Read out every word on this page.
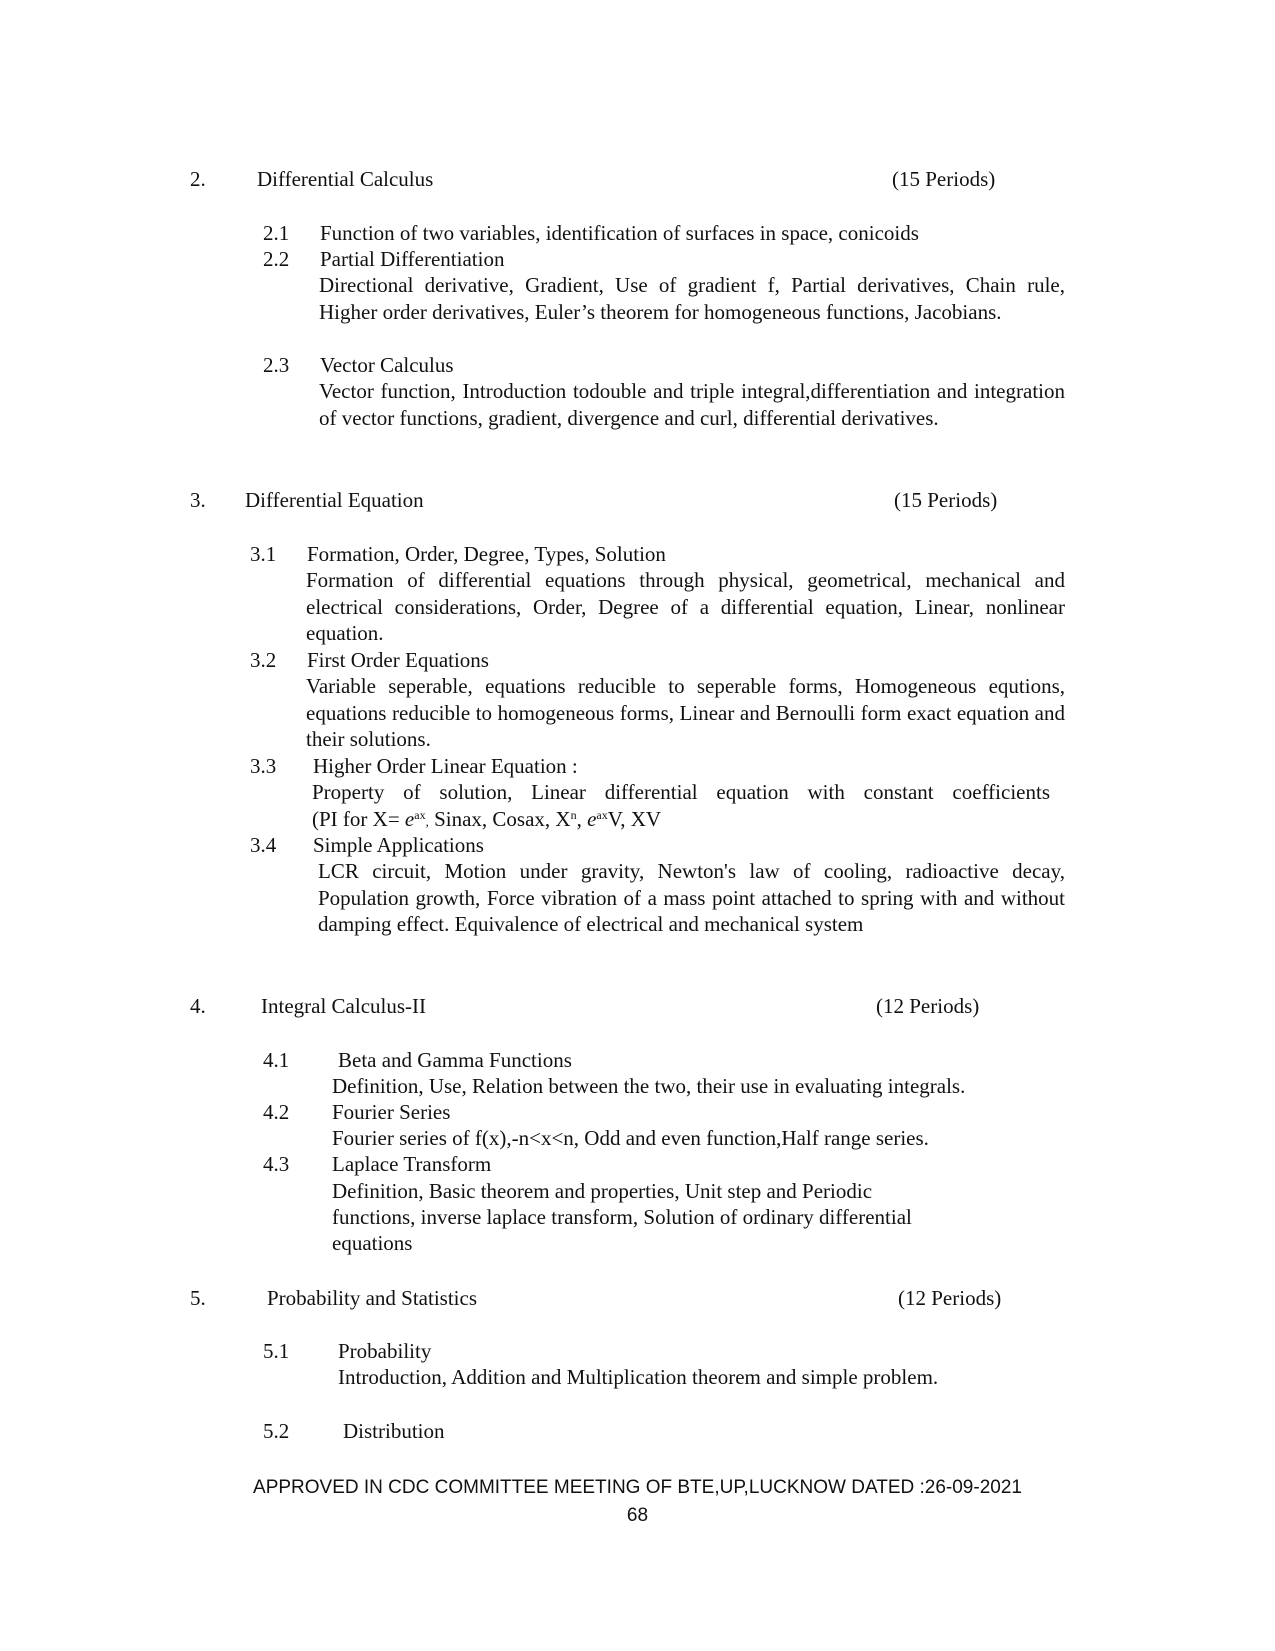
2. Differential Calculus	(15 Periods)
2.1 Function of two variables, identification of surfaces in space, conicoids
2.2 Partial Differentiation
Directional derivative, Gradient, Use of gradient f, Partial derivatives, Chain rule, Higher order derivatives, Euler’s theorem for homogeneous functions, Jacobians.
2.3 Vector Calculus
Vector function, Introduction todouble and triple integral,differentiation and integration of vector functions, gradient, divergence and curl, differential derivatives.
3. Differential Equation	(15 Periods)
3.1 Formation, Order, Degree, Types, Solution
Formation of differential equations through physical, geometrical, mechanical and electrical considerations, Order, Degree of a differential equation, Linear, nonlinear equation.
3.2 First Order Equations
Variable seperable, equations reducible to seperable forms, Homogeneous equtions, equations reducible to homogeneous forms, Linear and Bernoulli form exact equation and their solutions.
3.3 Higher Order Linear Equation :
Property of solution, Linear differential equation with constant coefficients
(PI for $X= e^{ax}$, Sinax, Cosax, $X^n$, $e^{ax}V$, XV
3.4 Simple Applications
LCR circuit, Motion under gravity, Newton's law of cooling, radioactive decay, Population growth, Force vibration of a mass point attached to spring with and without damping effect. Equivalence of electrical and mechanical system
4.	Integral Calculus-II	(12 Periods)
4.1 Beta and Gamma Functions
Definition, Use, Relation between the two, their use in evaluating integrals.
4.2 Fourier Series
Fourier series of f(x),-n<x<n, Odd and even function,Half range series.
4.3 Laplace Transform
Definition, Basic theorem and properties, Unit step and Periodic
functions, inverse laplace transform, Solution of ordinary differential
equations
5.	Probability and Statistics	(12 Periods)
5.1 Probability
Introduction, Addition and Multiplication theorem and simple problem.
5.2	Distribution
APPROVED IN CDC COMMITTEE MEETING OF BTE,UP,LUCKNOW DATED :26-09-2021
68
